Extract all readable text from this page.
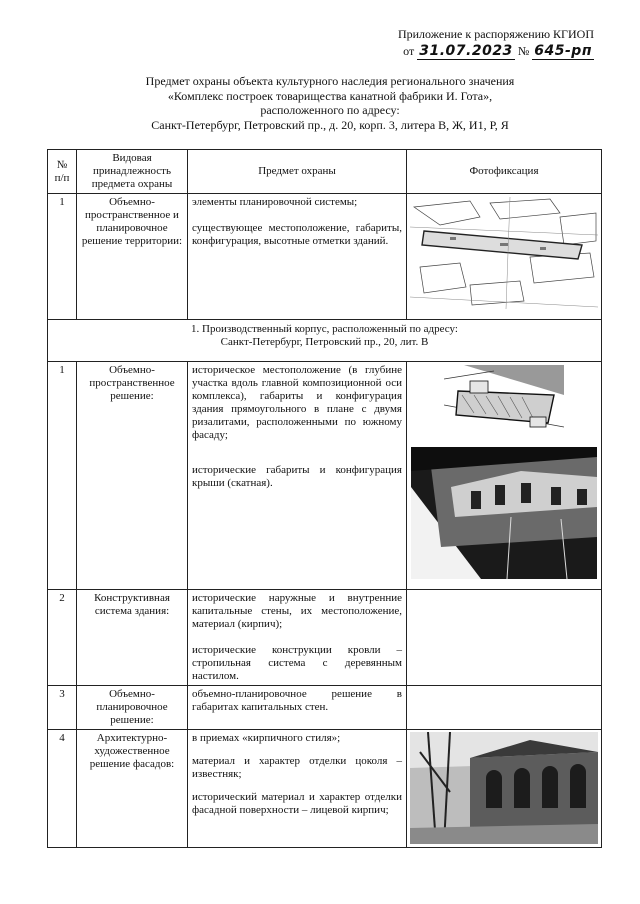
Приложение к распоряжению КГИОП
от 31.07.2023 № 645-рп
Предмет охраны объекта культурного наследия регионального значения
«Комплекс построек товарищества канатной фабрики И. Гота»,
расположенного по адресу:
Санкт-Петербург, Петровский пр., д. 20, корп. 3, литера В, Ж, И1, Р, Я
№ п/п	Видовая принадлежность предмета охраны	Предмет охраны	Фотофиксация
1	Объемно-пространственное и планировочное решение территории:	элементы планировочной системы;
существующее местоположение, габариты, конфигурация, высотные отметки зданий.

1. Производственный корпус, расположенный по адресу:
Санкт-Петербург, Петровский пр., 20, лит. В			

1	Объемно-пространственное решение:	историческое местоположение (в глубине участка вдоль главной композиционной оси комплекса), габариты и конфигурация здания прямоугольного в плане с двумя ризалитами, расположенными по южному фасаду;
исторические габариты и конфигурация крыши (скатная).

2	Конструктивная система здания:	исторические наружные и внутренние капитальные стены, их местоположение, материал (кирпич);
исторические конструкции кровли – стропильная система с деревянным настилом.	

3	Объемно-планировочное решение:	объемно-планировочное решение в габаритах капитальных стен.	

4	Архитектурно-художественное решение фасадов:	в приемах «кирпичного стиля»;
материал и характер отделки цоколя – известняк;
исторический материал и характер отделки фасадной поверхности – лицевой кирпич;
